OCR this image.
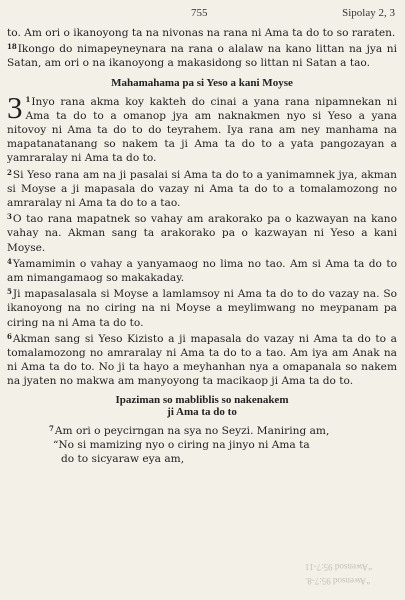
755	Sipolay 2, 3

to. Am ori o ikanoyong ta na nivonas na rana ni Ama ta do to so raraten.

$^{18}$Ikongo do nimapeyneynara na rana o alalaw na kano littan na jya ni Satan, am ori o na ikanoyong a makasidong so littan ni Satan a tao.

Mahamahama pa si Yeso a kani Moyse

3 $^1$Inyo rana akma koy kakteh do cinai a yana rana nipamnekan ni Ama ta do to a omanop jya am naknakmen nyo si Yeso a yana nitovoy ni Ama ta do to do teyrahem. Iya rana am ney manhama na mapatanatanang so nakem ta ji Ama ta do to a yata pangozayan a yamraralay ni Ama ta do to.

$^2$Si Yeso rana am na ji pasalai si Ama ta do to a yanimamnek jya, akman si Moyse a ji mapasala do vazay ni Ama ta do to a tomalamozong no amraralay ni Ama ta do to a tao.

$^3$O tao rana mapatnek so vahay am arakorako pa o kazwayan na kano vahay na. Akman sang ta arakorako pa o kazwayan ni Yeso a kani Moyse.

$^4$Yamamimin o vahay a yanyamaog no lima no tao. Am si Ama ta do to am nimangamaog so makakaday.

$^5$Ji mapasalasala si Moyse a lamlamsoy ni Ama ta do to do vazay na. So ikanoyong na no ciring na ni Moyse a meylimwang no meypanam pa ciring na ni Ama ta do to.

$^6$Akman sang si Yeso Kizisto a ji mapasala do vazay ni Ama ta do to a tomalamozong no amraralay ni Ama ta do to a tao. Am iya am Anak na ni Ama ta do to. No ji ta hayo a meyhanhan nya a omapanala so nakem na jyaten no makwa am manyoyong ta macikaop ji Ama ta do to.

Ipaziman so mabliblis so nakenakem
ji Ama ta do to
$^7$Am ori o peycirngan na sya no Seyzi. Maniring am,
“No si mamizing nyo o ciring na jinyo ni Ama ta
do to sicyaraw eya am,
“Awensod 95:7-11
“Awensod 95:7-8.
